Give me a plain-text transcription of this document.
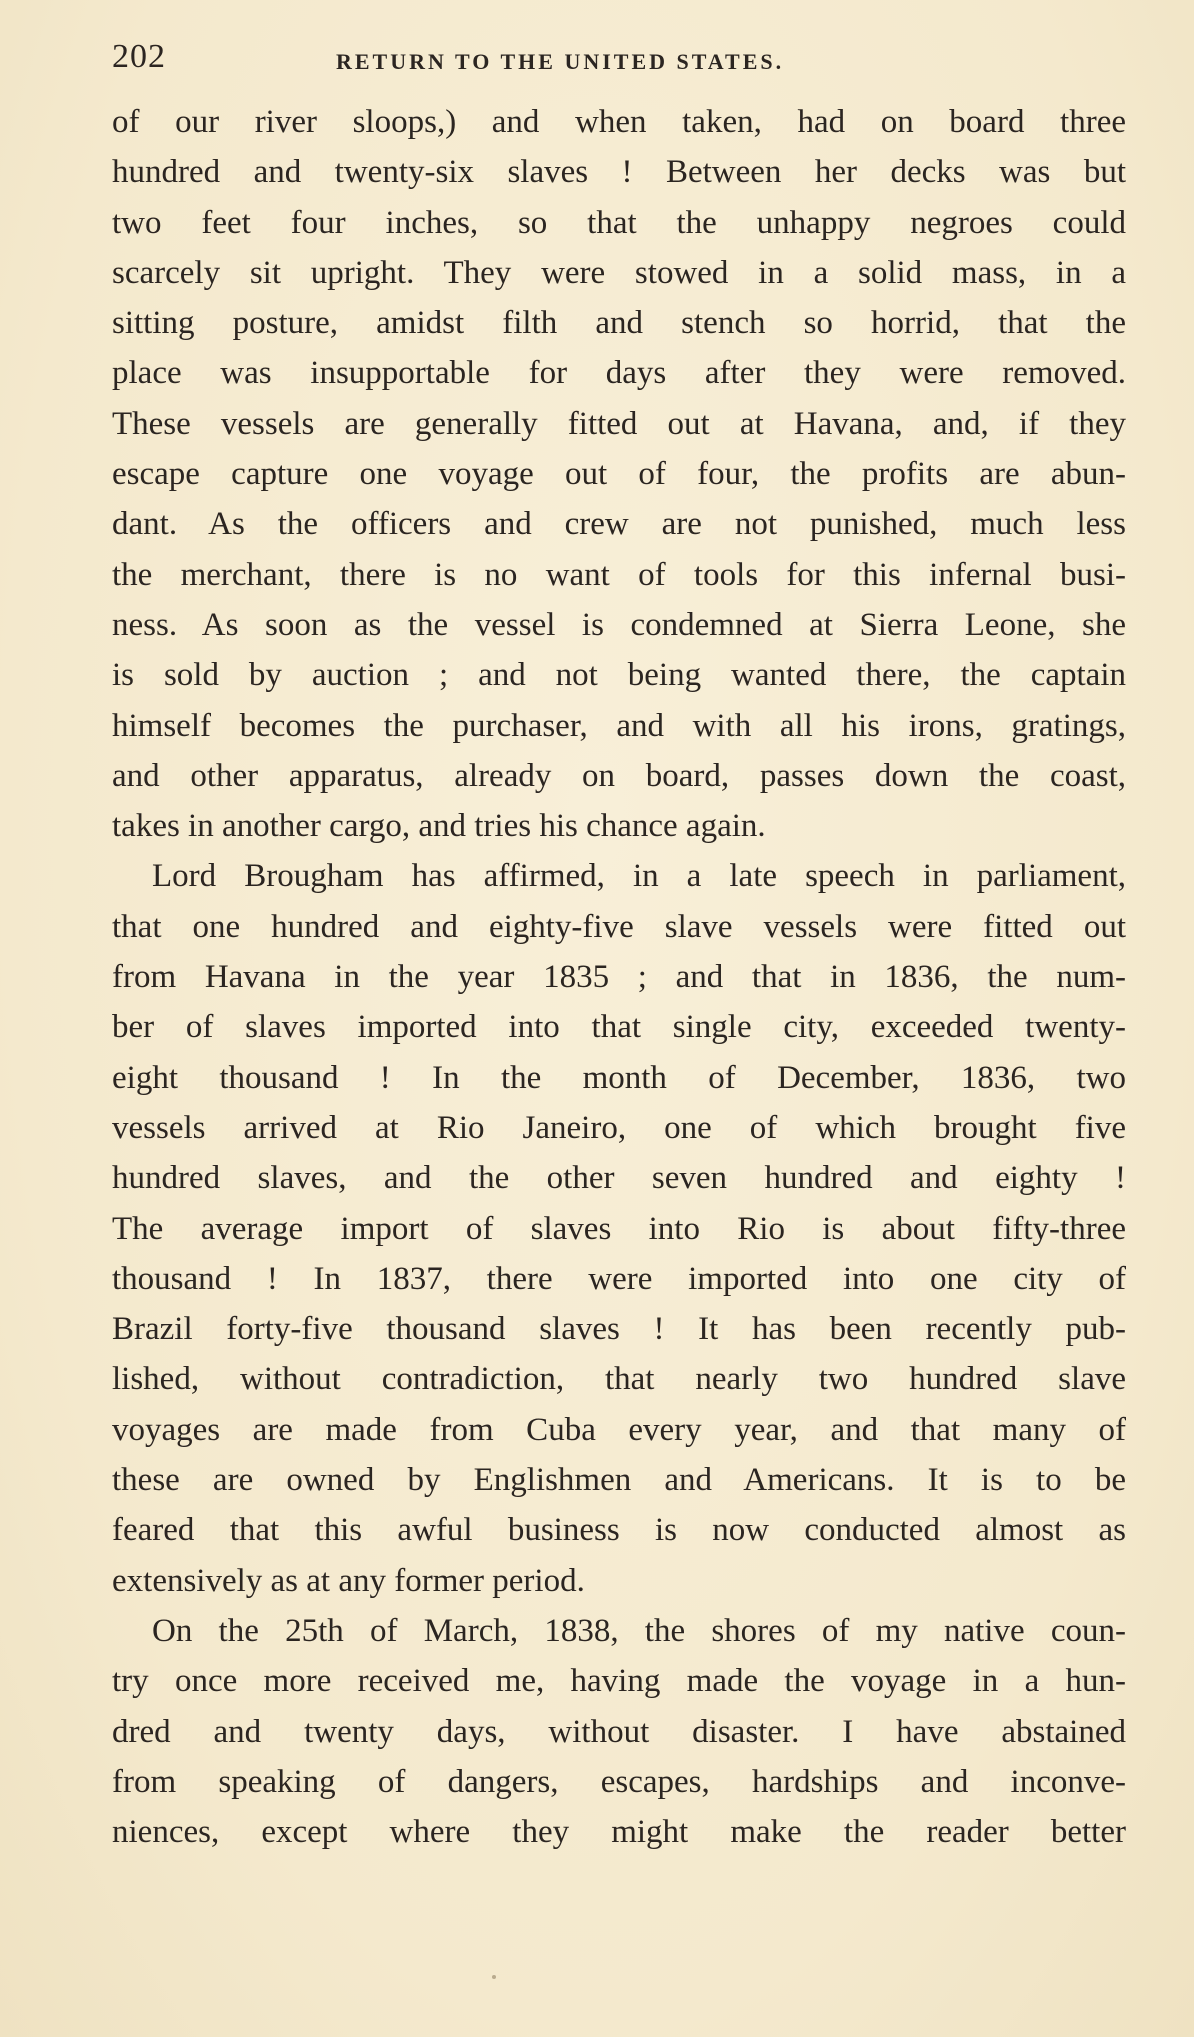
202	RETURN TO THE UNITED STATES.
of our river sloops,) and when taken, had on board three
hundred and twenty-six slaves ! Between her decks was but
two feet four inches, so that the unhappy negroes could
scarcely sit upright. They were stowed in a solid mass, in a
sitting posture, amidst filth and stench so horrid, that the
place was insupportable for days after they were removed.
These vessels are generally fitted out at Havana, and, if they
escape capture one voyage out of four, the profits are abun-
dant. As the officers and crew are not punished, much less
the merchant, there is no want of tools for this infernal busi-
ness. As soon as the vessel is condemned at Sierra Leone, she
is sold by auction ; and not being wanted there, the captain
himself becomes the purchaser, and with all his irons, gratings,
and other apparatus, already on board, passes down the coast,
takes in another cargo, and tries his chance again.
Lord Brougham has affirmed, in a late speech in parliament,
that one hundred and eighty-five slave vessels were fitted out
from Havana in the year 1835 ; and that in 1836, the num-
ber of slaves imported into that single city, exceeded twenty-
eight thousand ! In the month of December, 1836, two
vessels arrived at Rio Janeiro, one of which brought five
hundred slaves, and the other seven hundred and eighty !
The average import of slaves into Rio is about fifty-three
thousand ! In 1837, there were imported into one city of
Brazil forty-five thousand slaves ! It has been recently pub-
lished, without contradiction, that nearly two hundred slave
voyages are made from Cuba every year, and that many of
these are owned by Englishmen and Americans. It is to be
feared that this awful business is now conducted almost as
extensively as at any former period.
On the 25th of March, 1838, the shores of my native coun-
try once more received me, having made the voyage in a hun-
dred and twenty days, without disaster. I have abstained
from speaking of dangers, escapes, hardships and inconve-
niences, except where they might make the reader better
